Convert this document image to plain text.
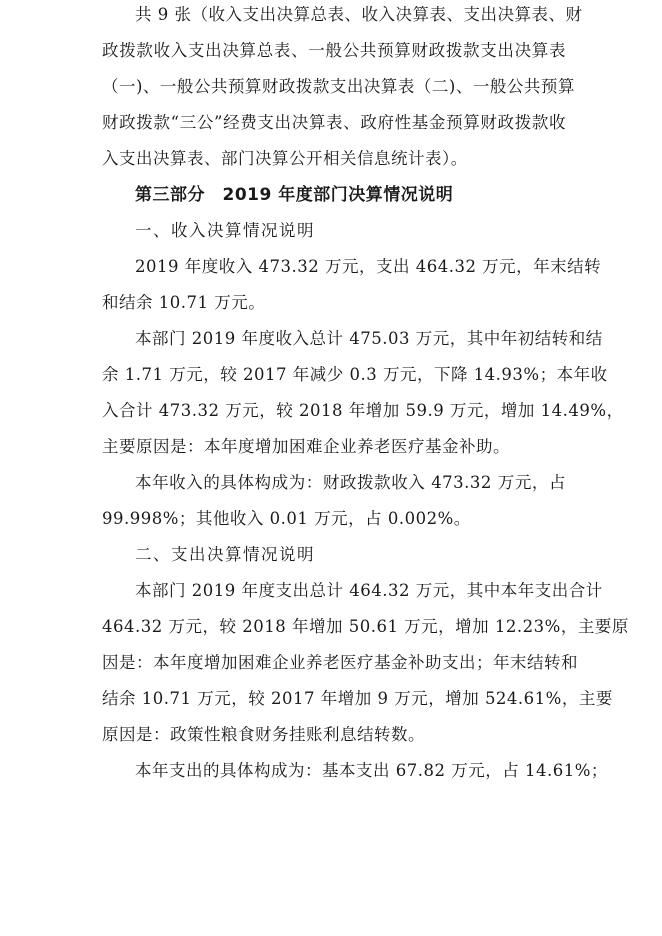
共 9 张（收入支出决算总表、收入决算表、支出决算表、财
政拨款收入支出决算总表、一般公共预算财政拨款支出决算表
（一)、一般公共预算财政拨款支出决算表（二)、一般公共预算
财政拨款“三公”经费支出决算表、政府性基金预算财政拨款收
入支出决算表、部门决算公开相关信息统计表）。
第三部分　2019 年度部门决算情况说明
一、收入决算情况说明
2019 年度收入 473.32 万元，支出 464.32 万元，年末结转
和结余 10.71 万元。
本部门 2019 年度收入总计 475.03 万元，其中年初结转和结
余 1.71 万元，较 2017 年减少 0.3 万元，下降 14.93%；本年收
入合计 473.32 万元，较 2018 年增加 59.9 万元，增加 14.49%，
主要原因是：本年度增加困难企业养老医疗基金补助。
本年收入的具体构成为：财政拨款收入 473.32 万元，占
99.998%；其他收入 0.01 万元，占 0.002%。
二、支出决算情况说明
本部门 2019 年度支出总计 464.32 万元，其中本年支出合计
464.32 万元，较 2018 年增加 50.61 万元，增加 12.23%，主要原
因是：本年度增加困难企业养老医疗基金补助支出；年末结转和
结余 10.71 万元，较 2017 年增加 9 万元，增加 524.61%，主要
原因是：政策性粮食财务挂账利息结转数。
本年支出的具体构成为：基本支出 67.82 万元，占 14.61%；
